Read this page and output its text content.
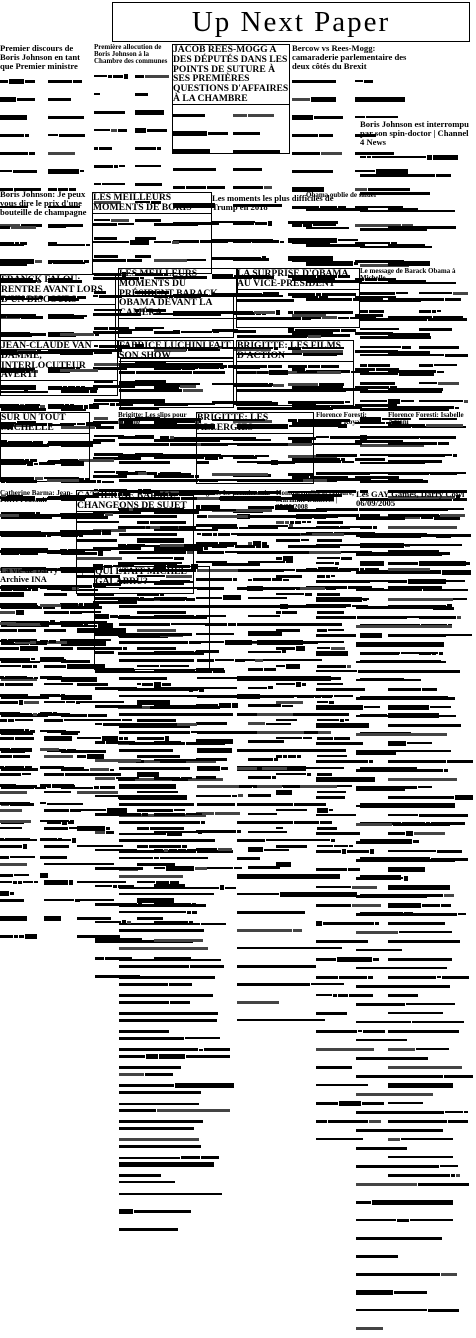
Up Next Paper
Premier discours de Boris Johnson en tant que Premier ministre
Première allocution de Boris Johnson à la Chambre des communes
JACOB REES-MOGG A DES DÉPUTÉS DANS LES POINTS DE SUTURE À SES PREMIÈRES QUESTIONS D'AFFAIRES À LA CHAMBRE
Bercow vs Rees-Mogg: camaraderie parlementaire des deux côtés du Brexit
Boris Johnson est interrompu par son spin-doctor | Channel 4 News
Boris Johnson: Je peux vous dire le prix d'une bouteille de champagne
LES MEILLEURS MOMENTS DE BORIS
Les moments les plus difficiles de Trump en 2018
Obama oublie de saluer
FRANCK FALOU: RENTRE AVANT LORS D'UN DISCOURS
LES MEILLEURS MOMENTS DU PRÉSIDENT BARACK OBAMA DEVANT LA CAMÉRA
LA SURPRISE D'OBAMA AU VICE-PRÉSIDENT
Le message de Barack Obama à Michelle
JEAN-CLAUDE VAN DAMME, INTERLOCUTEUR AVERTI
FABRICE LUCHINI FAIT SON SHOW
BRIGITTE: LES FILMS D'ACTION
SUR UN TOUT MICHELLE
Brigitte: Les slips pour homme	BRIGITTE: LES ALLERGIES
Florence Foresti: Ségolène Royal
Florence Foresti: Isabelle Adjani
Catherine Barma: Jean-Pierre Foucault	CATHERINE BARMA: CHANGEONS DE SUJET
Brigitte: Le premier soir Homosexualité et censure, Marianne Duniéres | 25/09/2008
Les GAY Games, Darry Cowl 06/09/2005
La vie de Darry Cowl | Archive INA
QUI ÉTAIT MICHEL GALABRU?
